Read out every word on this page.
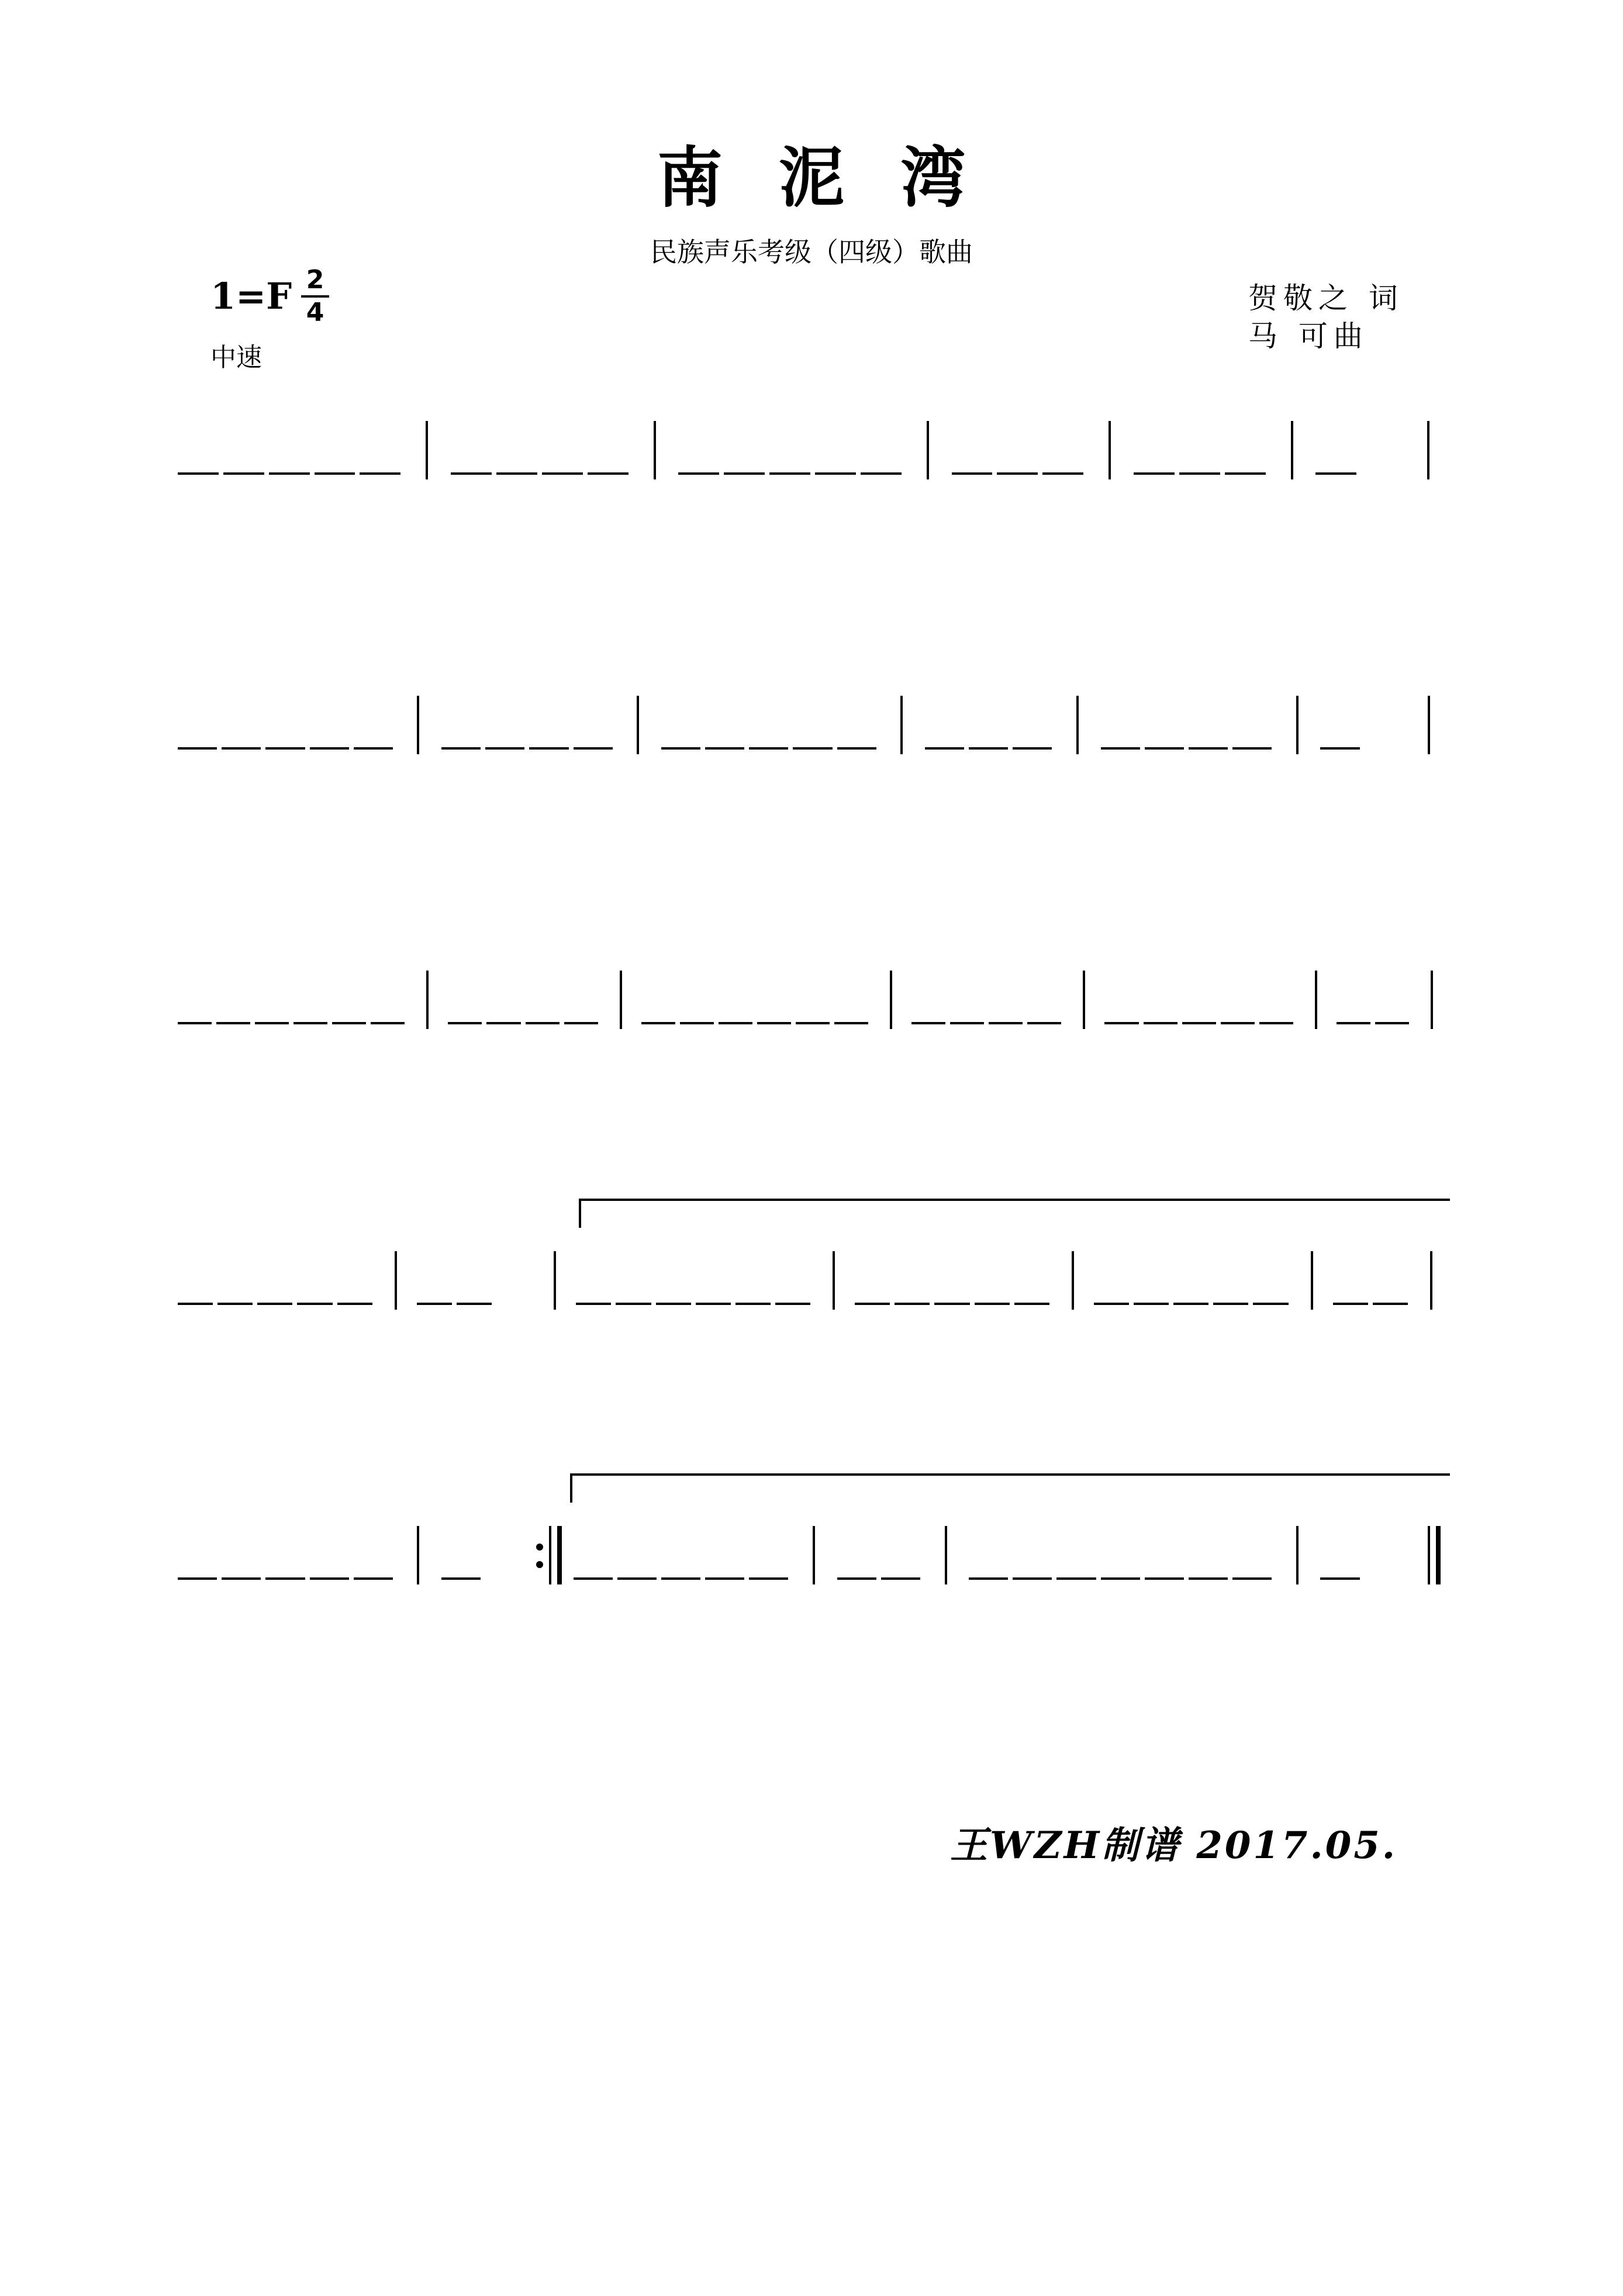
南泥湾
民族声乐考级（四级）歌曲
1=F 2
4
中速
贺敬之 词
马 可曲
王WZH制谱 2017.05.
